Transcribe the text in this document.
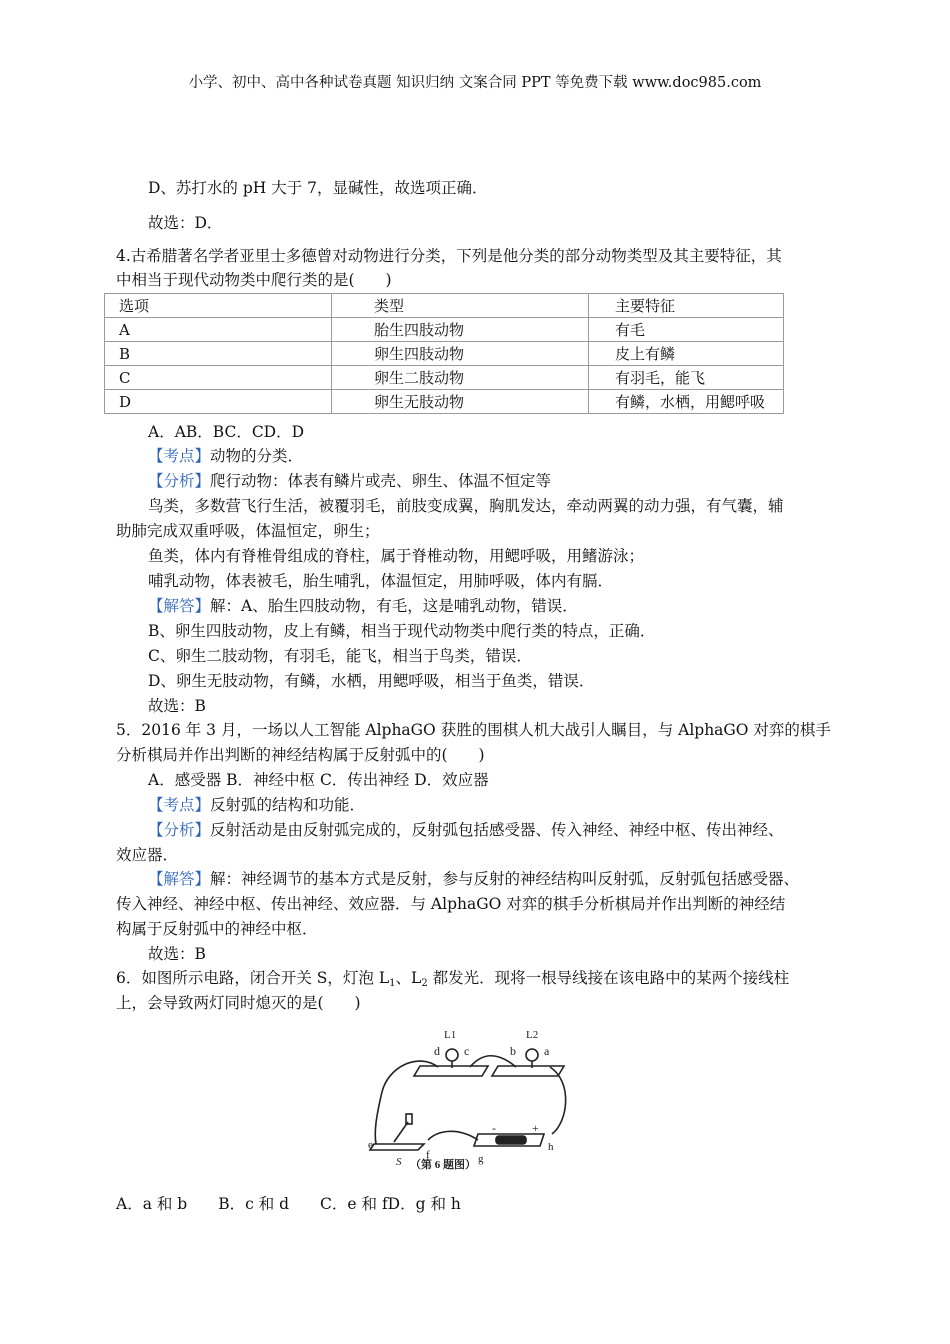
小学、初中、高中各种试卷真题 知识归纳 文案合同 PPT 等免费下载 www.doc985.com
D、苏打水的 pH 大于 7，显碱性，故选项正确．
故选：D．
4.古希腊著名学者亚里士多德曾对动物进行分类，下列是他分类的部分动物类型及其主要特征，其
中相当于现代动物类中爬行类的是(　　)
选项	类型	主要特征
A	胎生四肢动物	有毛
B	卵生四肢动物	皮上有鳞
C	卵生二肢动物	有羽毛，能飞
D	卵生无肢动物	有鳞，水栖，用鳃呼吸
A．AB．BC．CD．D
【考点】动物的分类．
【分析】爬行动物：体表有鳞片或壳、卵生、体温不恒定等
鸟类，多数营飞行生活，被覆羽毛，前肢变成翼，胸肌发达，牵动两翼的动力强，有气囊，辅
助肺完成双重呼吸，体温恒定，卵生；
鱼类，体内有脊椎骨组成的脊柱，属于脊椎动物，用鳃呼吸，用鳍游泳；
哺乳动物，体表被毛，胎生哺乳，体温恒定，用肺呼吸，体内有膈．
【解答】解：A、胎生四肢动物，有毛，这是哺乳动物，错误．
B、卵生四肢动物，皮上有鳞，相当于现代动物类中爬行类的特点，正确．
C、卵生二肢动物，有羽毛，能飞，相当于鸟类，错误．
D、卵生无肢动物，有鳞，水栖，用鳃呼吸，相当于鱼类，错误．
故选：B
5．2016 年 3 月，一场以人工智能 AlphaGO 获胜的围棋人机大战引人瞩目，与 AlphaGO 对弈的棋手
分析棋局并作出判断的神经结构属于反射弧中的(　　)
A．感受器 B．神经中枢 C．传出神经 D．效应器
【考点】反射弧的结构和功能．
【分析】反射活动是由反射弧完成的，反射弧包括感受器、传入神经、神经中枢、传出神经、
效应器．
【解答】解：神经调节的基本方式是反射，参与反射的神经结构叫反射弧，反射弧包括感受器、
传入神经、神经中枢、传出神经、效应器．与 AlphaGO 对弈的棋手分析棋局并作出判断的神经结
构属于反射弧中的神经中枢．
故选：B
6．如图所示电路，闭合开关 S，灯泡 $L_1$、$L_2$ 都发光．现将一根导线接在该电路中的某两个接线柱
上，会导致两灯同时熄灭的是(　　)
L1	L2
d c	b a
e
f
S	g
h
-	+
（第 6 题图）
A．a 和 b　　B．c 和 d　　C．e 和 fD．g 和 h
